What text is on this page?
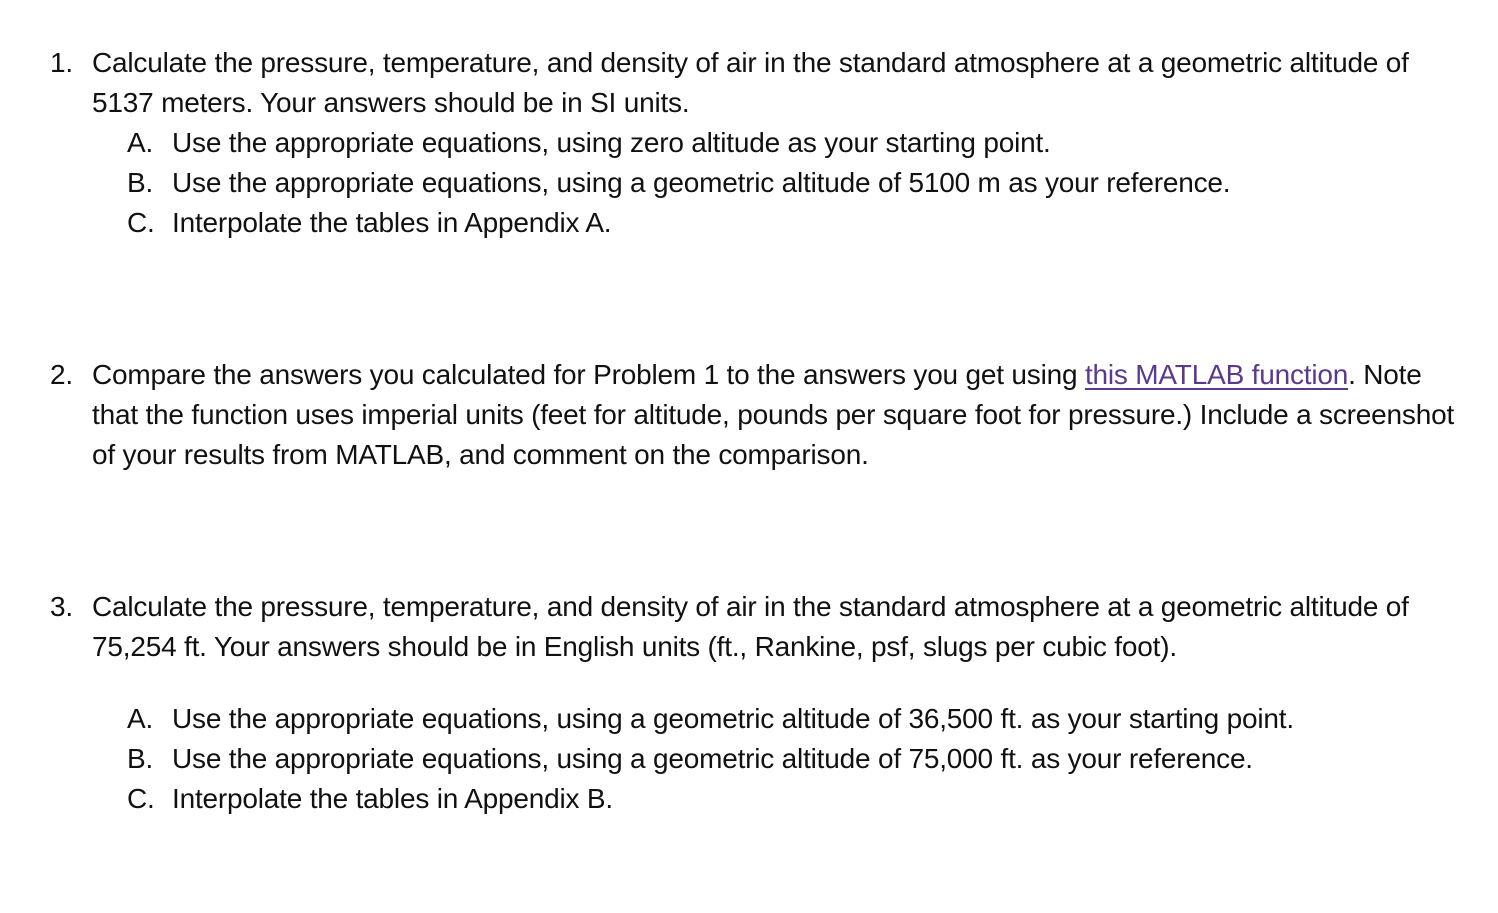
1. Calculate the pressure, temperature, and density of air in the standard atmosphere at a geometric altitude of 5137 meters. Your answers should be in SI units.
A. Use the appropriate equations, using zero altitude as your starting point.
B. Use the appropriate equations, using a geometric altitude of 5100 m as your reference.
C. Interpolate the tables in Appendix A.
2. Compare the answers you calculated for Problem 1 to the answers you get using this MATLAB function. Note that the function uses imperial units (feet for altitude, pounds per square foot for pressure.) Include a screenshot of your results from MATLAB, and comment on the comparison.
3. Calculate the pressure, temperature, and density of air in the standard atmosphere at a geometric altitude of 75,254 ft. Your answers should be in English units (ft., Rankine, psf, slugs per cubic foot).
A. Use the appropriate equations, using a geometric altitude of 36,500 ft. as your starting point.
B. Use the appropriate equations, using a geometric altitude of 75,000 ft. as your reference.
C. Interpolate the tables in Appendix B.
